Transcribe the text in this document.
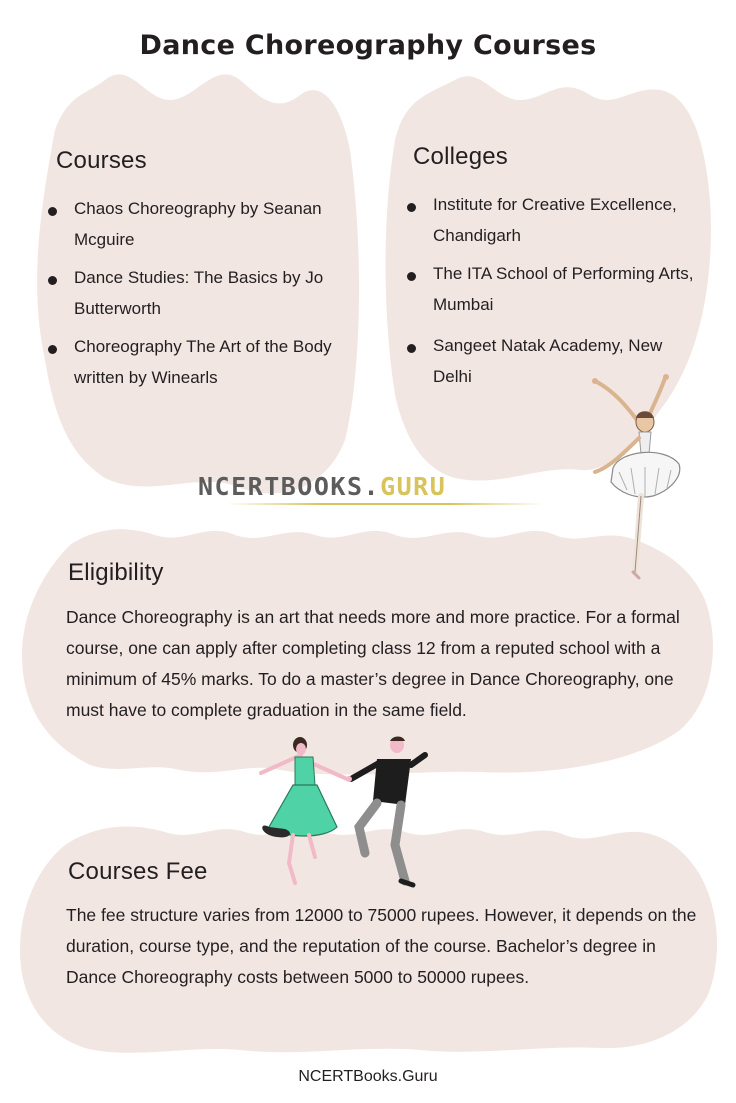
Dance Choreography Courses
Courses
Chaos Choreography by Seanan Mcguire
Dance Studies: The Basics by Jo Butterworth
Choreography The Art of the Body written by Winearls
Colleges
Institute for Creative Excellence, Chandigarh
The ITA School of Performing Arts, Mumbai
Sangeet Natak Academy, New Delhi
NCERTBOOKS.GURU
Eligibility
Dance Choreography is an art that needs more and more practice. For a formal course, one can apply after completing class 12 from a reputed school with a minimum of 45% marks. To do a master’s degree in Dance Choreography, one must have to complete graduation in the same field.
Courses Fee
The fee structure varies from 12000 to 75000 rupees. However, it depends on the duration, course type, and the reputation of the course. Bachelor’s degree in Dance Choreography costs between 5000 to 50000 rupees.
NCERTBooks.Guru
